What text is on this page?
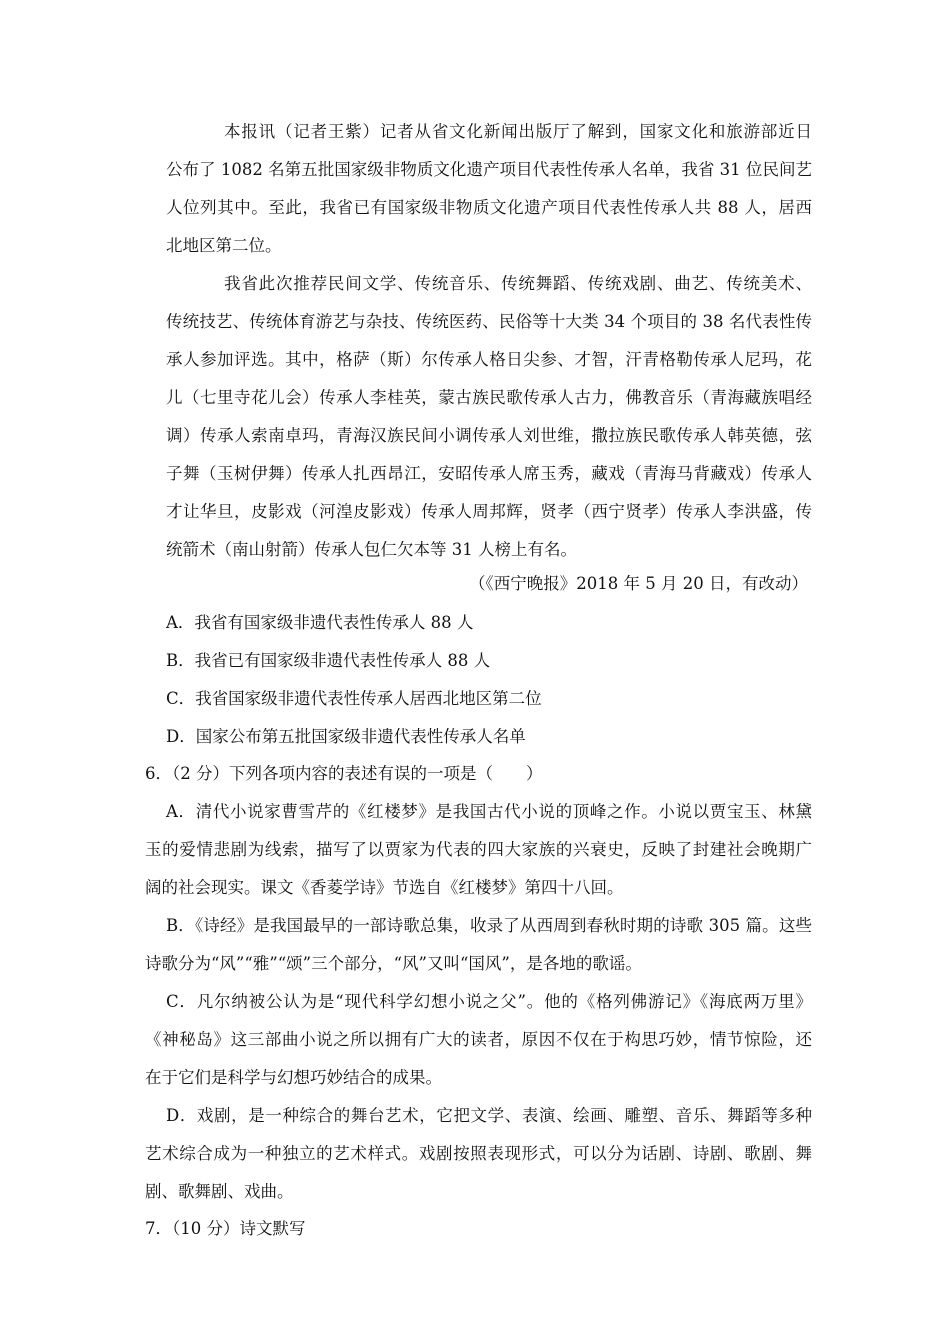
本报讯（记者王紫）记者从省文化新闻出版厅了解到，国家文化和旅游部近日
公布了 1082 名第五批国家级非物质文化遗产项目代表性传承人名单，我省 31 位民间艺
人位列其中。至此，我省已有国家级非物质文化遗产项目代表性传承人共 88 人，居西
北地区第二位。
我省此次推荐民间文学、传统音乐、传统舞蹈、传统戏剧、曲艺、传统美术、
传统技艺、传统体育游艺与杂技、传统医药、民俗等十大类 34 个项目的 38 名代表性传
承人参加评选。其中，格萨（斯）尔传承人格日尖参、才智，汗青格勒传承人尼玛，花
儿（七里寺花儿会）传承人李桂英，蒙古族民歌传承人古力，佛教音乐（青海藏族唱经
调）传承人索南卓玛，青海汉族民间小调传承人刘世维，撒拉族民歌传承人韩英德，弦
子舞（玉树伊舞）传承人扎西昂江，安昭传承人席玉秀，藏戏（青海马背藏戏）传承人
才让华旦，皮影戏（河湟皮影戏）传承人周邦辉，贤孝（西宁贤孝）传承人李洪盛，传
统箭术（南山射箭）传承人包仁欠本等 31 人榜上有名。
（《西宁晚报》2018 年 5 月 20 日，有改动）
A．我省有国家级非遗代表性传承人 88 人
B．我省已有国家级非遗代表性传承人 88 人
C．我省国家级非遗代表性传承人居西北地区第二位
D．国家公布第五批国家级非遗代表性传承人名单
6．（2 分）下列各项内容的表述有误的一项是（　　）
A．清代小说家曹雪芹的《红楼梦》是我国古代小说的顶峰之作。小说以贾宝玉、林黛
玉的爱情悲剧为线索，描写了以贾家为代表的四大家族的兴衰史，反映了封建社会晚期广
阔的社会现实。课文《香菱学诗》节选自《红楼梦》第四十八回。
B．《诗经》是我国最早的一部诗歌总集，收录了从西周到春秋时期的诗歌 305 篇。这些
诗歌分为“风”“雅”“颂”三个部分，“风”又叫“国风”，是各地的歌谣。
C．凡尔纳被公认为是“现代科学幻想小说之父”。他的《格列佛游记》《海底两万里》
《神秘岛》这三部曲小说之所以拥有广大的读者，原因不仅在于构思巧妙，情节惊险，还
在于它们是科学与幻想巧妙结合的成果。
D．戏剧，是一种综合的舞台艺术，它把文学、表演、绘画、雕塑、音乐、舞蹈等多种
艺术综合成为一种独立的艺术样式。戏剧按照表现形式，可以分为话剧、诗剧、歌剧、舞
剧、歌舞剧、戏曲。
7．（10 分）诗文默写
